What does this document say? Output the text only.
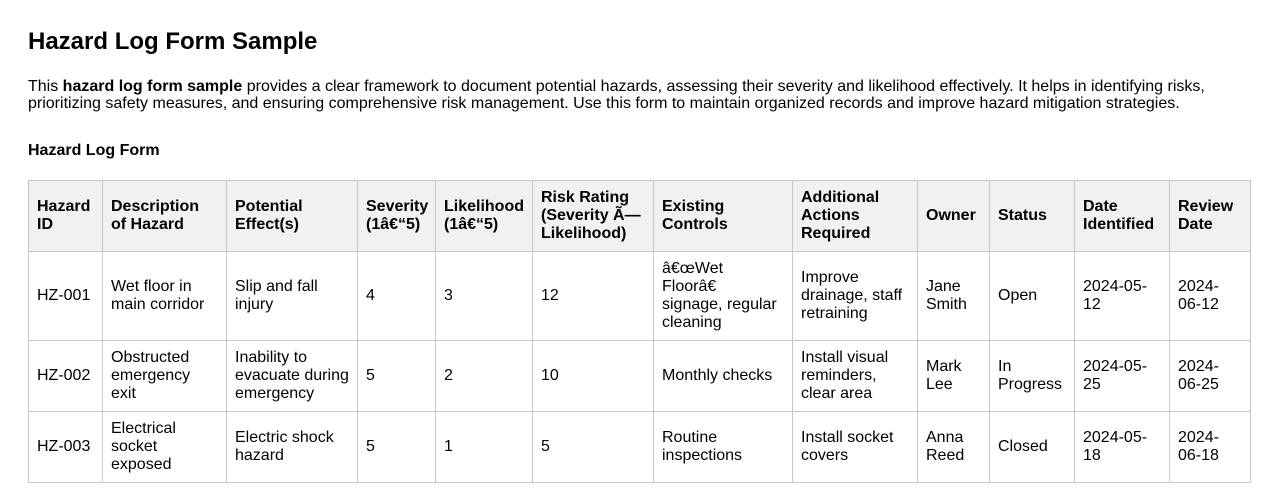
Hazard Log Form Sample

This hazard log form sample provides a clear framework to document potential hazards, assessing their severity and likelihood effectively. It helps in identifying risks, prioritizing safety measures, and ensuring comprehensive risk management. Use this form to maintain organized records and improve hazard mitigation strategies.

Hazard Log Form
Hazard ID	Description of Hazard	Potential Effect(s)	Severity (1â€“5)	Likelihood (1â€“5)	Risk Rating (Severity Ã— Likelihood)	Existing Controls	Additional Actions Required	Owner	Status	Date Identified	Review Date
HZ-001	Wet floor in main corridor	Slip and fall injury	4	3	12	â€œWet Floorâ€ signage, regular cleaning	Improve drainage, staff retraining	Jane Smith	Open	2024-05-12	2024-06-12
HZ-002	Obstructed emergency exit	Inability to evacuate during emergency	5	2	10	Monthly checks	Install visual reminders, clear area	Mark Lee	In Progress	2024-05-25	2024-06-25
HZ-003	Electrical socket exposed	Electric shock hazard	5	1	5	Routine inspections	Install socket covers	Anna Reed	Closed	2024-05-18	2024-06-18
